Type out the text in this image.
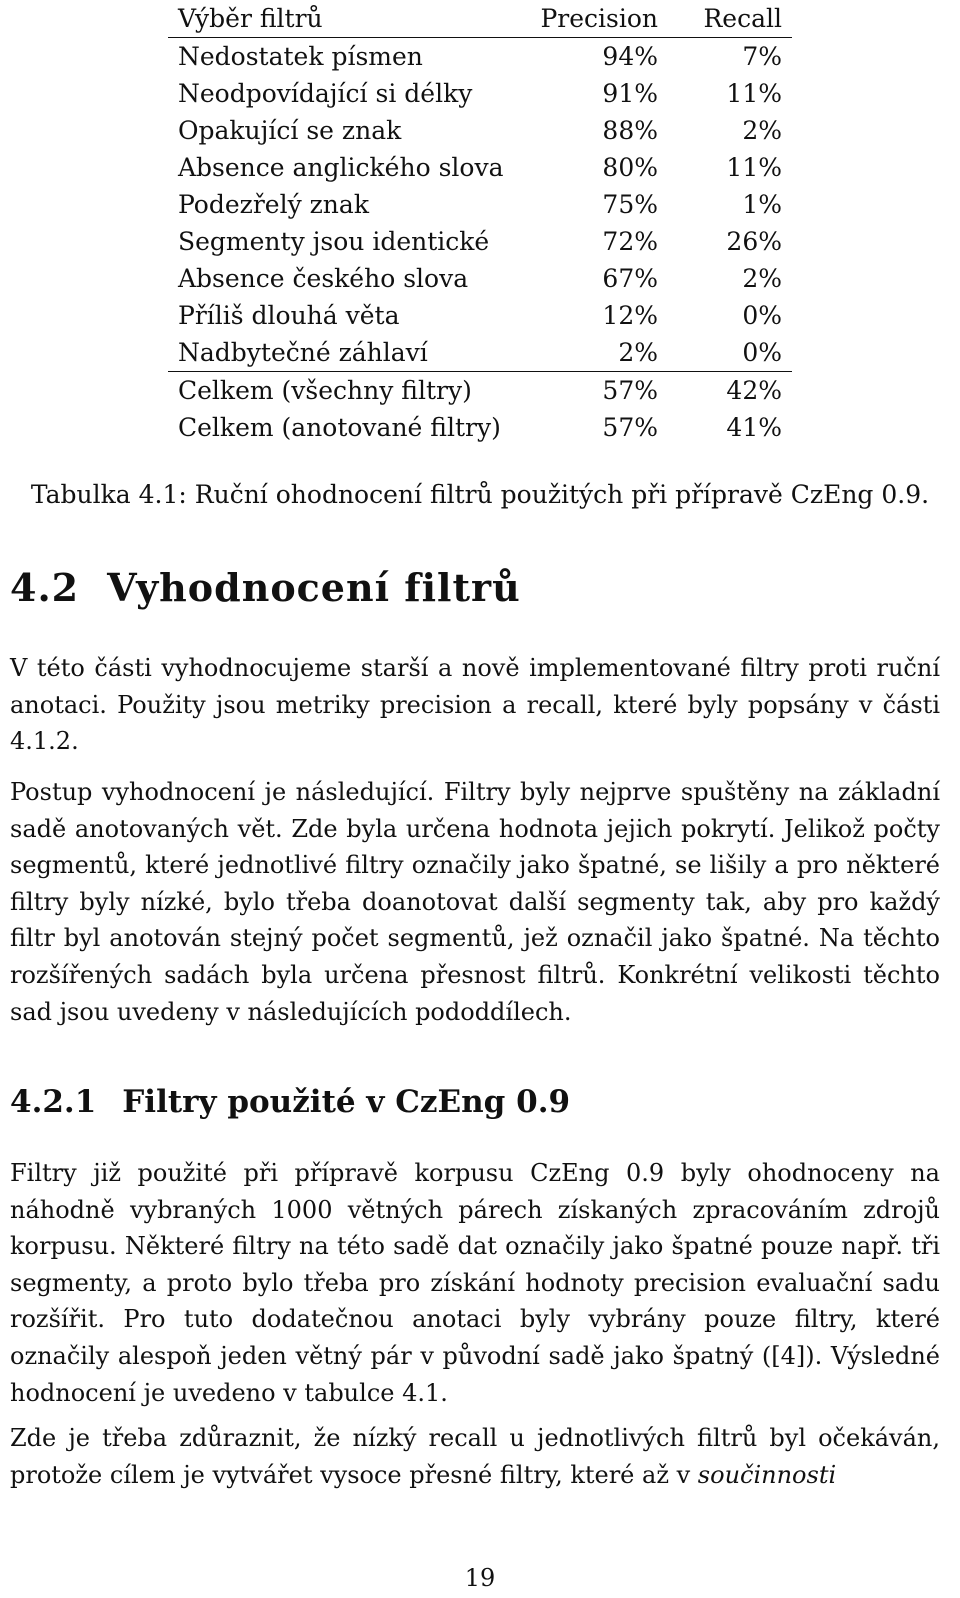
Výběr filtrů	Precision	Recall
Nedostatek písmen	94%	7%
Neodpovídající si délky	91%	11%
Opakující se znak	88%	2%
Absence anglického slova	80%	11%
Podezřelý znak	75%	1%
Segmenty jsou identické	72%	26%
Absence českého slova	67%	2%
Příliš dlouhá věta	12%	0%
Nadbytečné záhlaví	2%	0%
Celkem (všechny filtry)	57%	42%
Celkem (anotované filtry)	57%	41%
Tabulka 4.1: Ruční ohodnocení filtrů použitých při přípravě CzEng 0.9.
4.2 Vyhodnocení filtrů

V této části vyhodnocujeme starší a nově implementované filtry proti ruční anotaci. Použity jsou metriky precision a recall, které byly popsány v části 4.1.2.

Postup vyhodnocení je následující. Filtry byly nejprve spuštěny na základní sadě anotovaných vět. Zde byla určena hodnota jejich pokrytí. Jelikož počty segmentů, které jednotlivé filtry označily jako špatné, se lišily a pro některé filtry byly nízké, bylo třeba doanotovat další segmenty tak, aby pro každý filtr byl anotován stejný počet segmentů, jež označil jako špatné. Na těchto rozšířených sadách byla určena přesnost filtrů. Konkrétní velikosti těchto sad jsou uvedeny v následujících pododdílech.

4.2.1 Filtry použité v CzEng 0.9

Filtry již použité při přípravě korpusu CzEng 0.9 byly ohodnoceny na náhodně vybraných 1000 větných párech získaných zpracováním zdrojů korpusu. Některé filtry na této sadě dat označily jako špatné pouze např. tři segmenty, a proto bylo třeba pro získání hodnoty precision evaluační sadu rozšířit. Pro tuto dodatečnou anotaci byly vybrány pouze filtry, které označily alespoň jeden větný pár v původní sadě jako špatný ([4]). Výsledné hodnocení je uvedeno v tabulce 4.1.

Zde je třeba zdůraznit, že nízký recall u jednotlivých filtrů byl očekáván, protože cílem je vytvářet vysoce přesné filtry, které až v součinnosti

19
